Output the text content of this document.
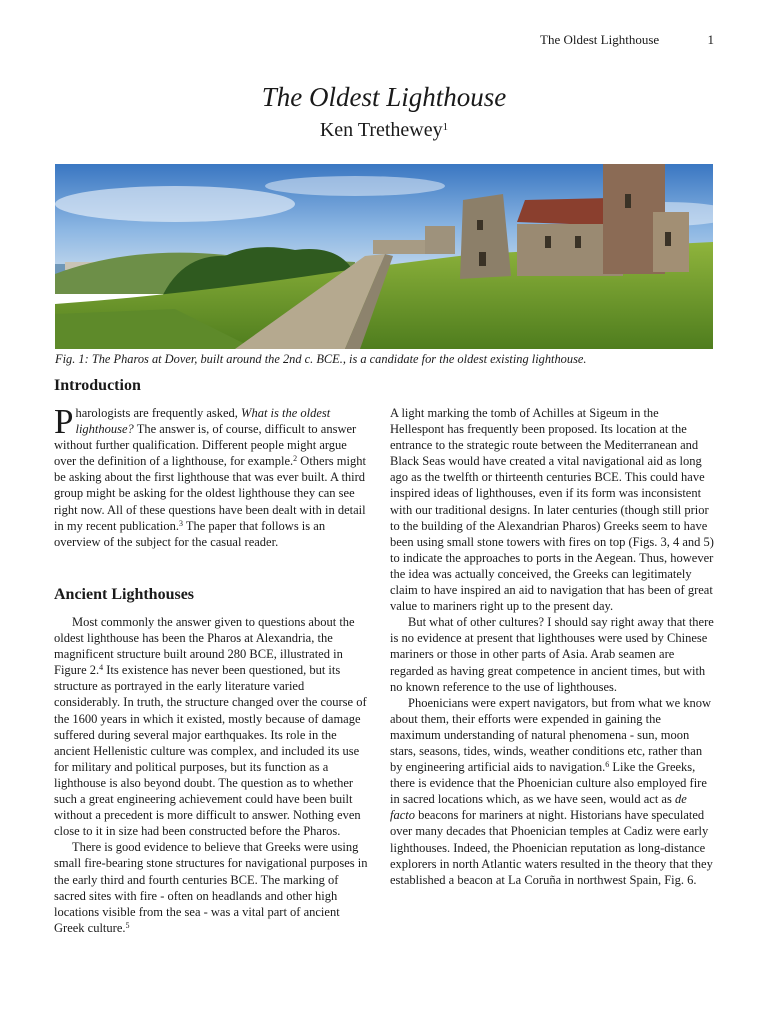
The Oldest Lighthouse	1
The Oldest Lighthouse
Ken Trethewey$^1$
Fig. 1: The Pharos at Dover, built around the 2nd c. BCE., is a candidate for the oldest existing lighthouse.
Introduction

Pharologists are frequently asked, What is the oldest lighthouse? The answer is, of course, difficult to answer without further qualification. Different people might argue over the definition of a lighthouse, for example.$^2$ Others might be asking about the first lighthouse that was ever built. A third group might be asking for the oldest lighthouse they can see right now. All of these questions have been dealt with in detail in my recent publication.$^3$ The paper that follows is an overview of the subject for the casual reader.

Ancient Lighthouses

Most commonly the answer given to questions about the oldest lighthouse has been the Pharos at Alexandria, the magnificent structure built around 280 BCE, illustrated in Figure 2.$^4$ Its existence has never been questioned, but its structure as portrayed in the early literature varied considerably. In truth, the structure changed over the course of the 1600 years in which it existed, mostly because of damage suffered during several major earthquakes. Its role in the ancient Hellenistic culture was complex, and included its use for military and political purposes, but its function as a lighthouse is also beyond doubt. The question as to whether such a great engineering achievement could have been built without a precedent is more difficult to answer. Nothing even close to it in size had been constructed before the Pharos.

There is good evidence to believe that Greeks were using small fire-bearing stone structures for navigational purposes in the early third and fourth centuries BCE. The marking of sacred sites with fire - often on headlands and other high locations visible from the sea - was a vital part of ancient Greek culture.$^5$

A light marking the tomb of Achilles at Sigeum in the Hellespont has frequently been proposed. Its location at the entrance to the strategic route between the Mediterranean and Black Seas would have created a vital navigational aid as long ago as the twelfth or thirteenth centuries BCE. This could have inspired ideas of lighthouses, even if its form was inconsistent with our traditional designs. In later centuries (though still prior to the building of the Alexandrian Pharos) Greeks seem to have been using small stone towers with fires on top (Figs. 3, 4 and 5) to indicate the approaches to ports in the Aegean. Thus, however the idea was actually conceived, the Greeks can legitimately claim to have inspired an aid to navigation that has been of great value to mariners right up to the present day.

But what of other cultures? I should say right away that there is no evidence at present that lighthouses were used by Chinese mariners or those in other parts of Asia. Arab seamen are regarded as having great competence in ancient times, but with no known reference to the use of lighthouses.

Phoenicians were expert navigators, but from what we know about them, their efforts were expended in gaining the maximum understanding of natural phenomena - sun, moon stars, seasons, tides, winds, weather conditions etc, rather than by engineering artificial aids to navigation.$^6$ Like the Greeks, there is evidence that the Phoenician culture also employed fire in sacred locations which, as we have seen, would act as de facto beacons for mariners at night. Historians have speculated over many decades that Phoenician temples at Cadiz were early lighthouses. Indeed, the Phoenician reputation as long-distance explorers in north Atlantic waters resulted in the theory that they established a beacon at La Coruña in northwest Spain, Fig. 6.
